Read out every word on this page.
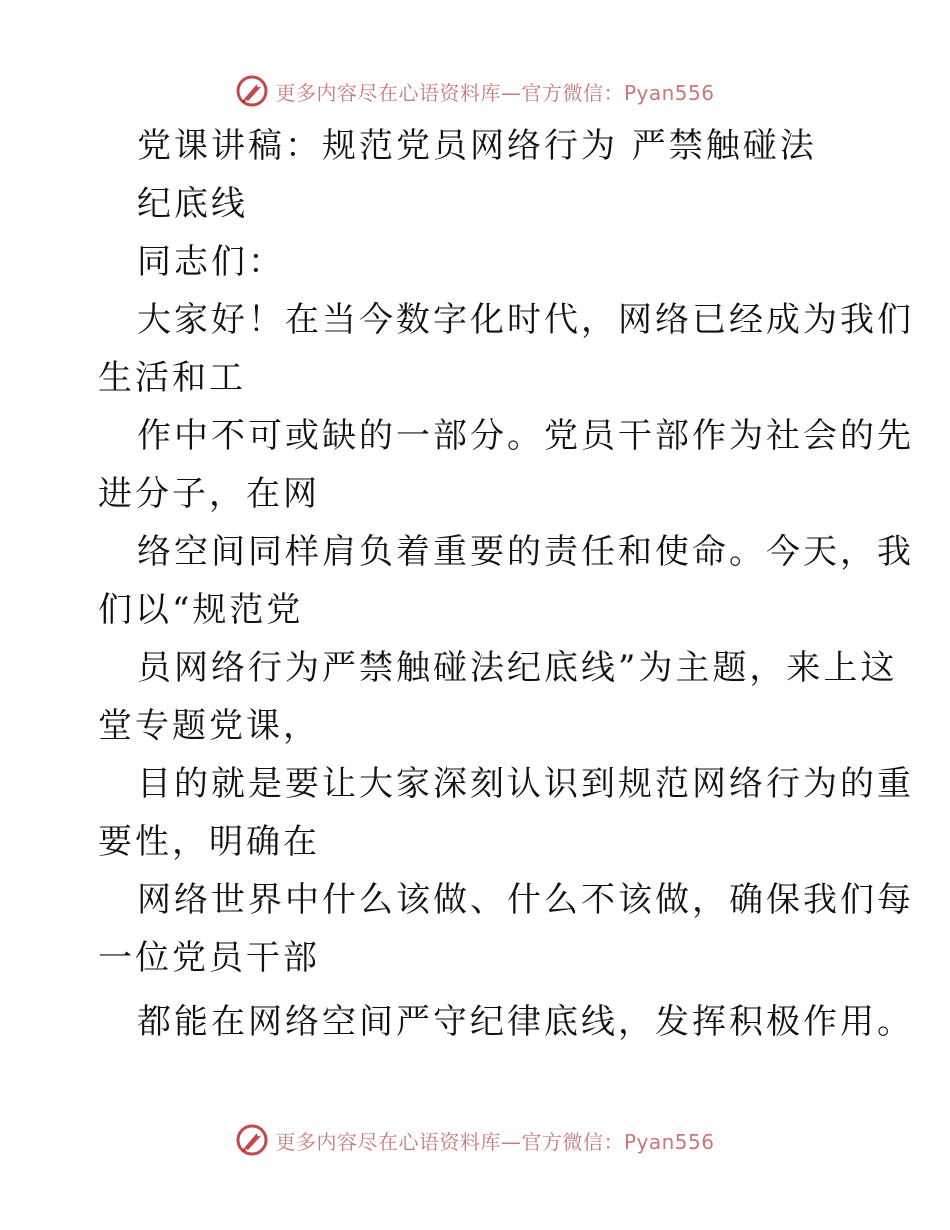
更多内容尽在心语资料库—官方微信：Pyan556
党课讲稿：规范党员网络行为 严禁触碰法
纪底线
同志们：
大家好！在当今数字化时代，网络已经成为我们
生活和工
作中不可或缺的一部分。党员干部作为社会的先
进分子，在网
络空间同样肩负着重要的责任和使命。今天，我
们以“规范党
员网络行为严禁触碰法纪底线”为主题，来上这
堂专题党课，
目的就是要让大家深刻认识到规范网络行为的重
要性，明确在
网络世界中什么该做、什么不该做，确保我们每
一位党员干部
都能在网络空间严守纪律底线，发挥积极作用。
更多内容尽在心语资料库—官方微信：Pyan556
